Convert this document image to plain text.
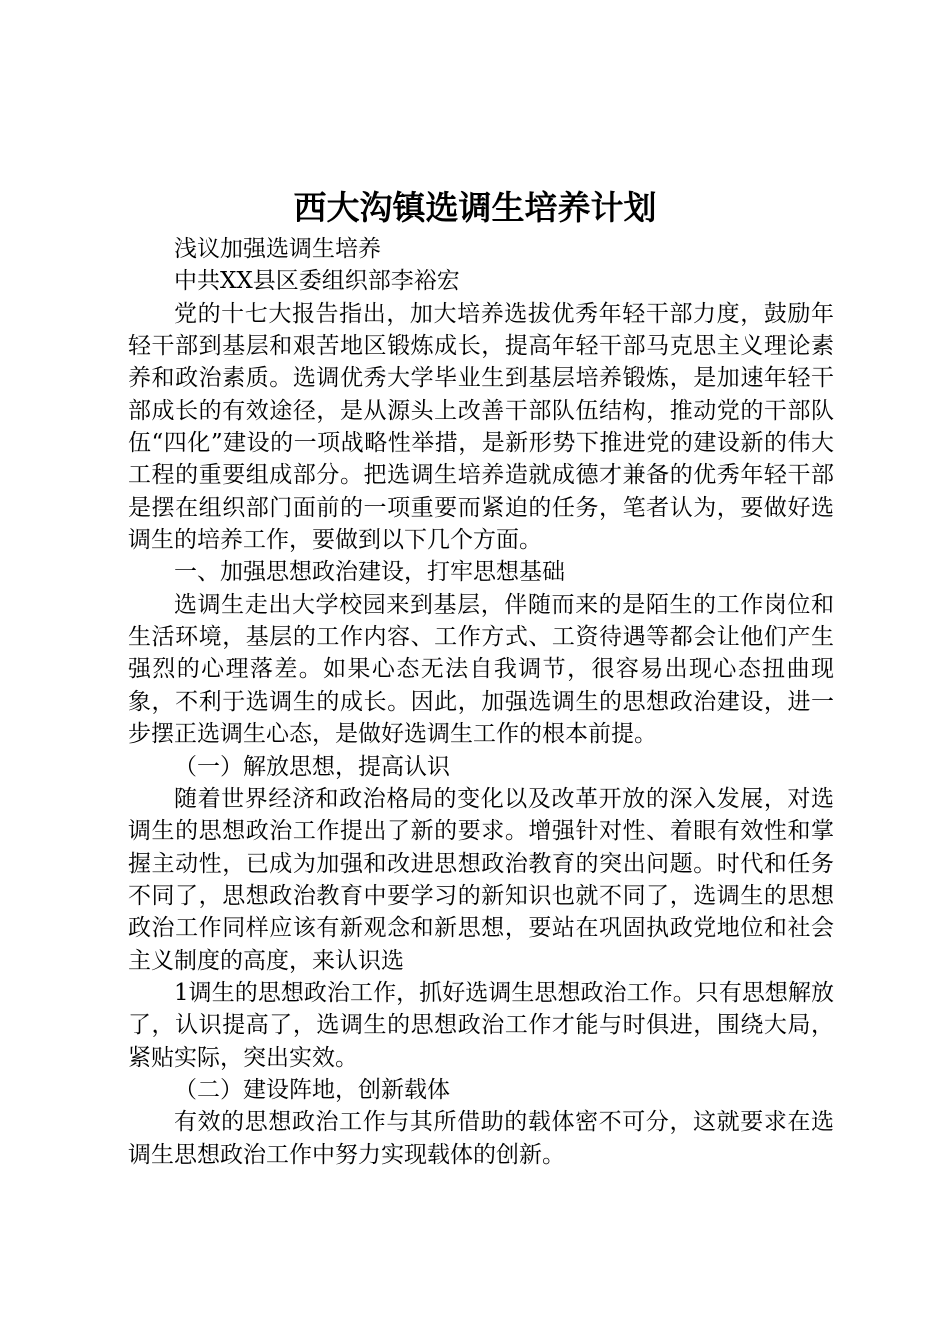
西大沟镇选调生培养计划

浅议加强选调生培养

中共XX县区委组织部李裕宏

党的十七大报告指出，加大培养选拔优秀年轻干部力度，鼓励年轻干部到基层和艰苦地区锻炼成长，提高年轻干部马克思主义理论素养和政治素质。选调优秀大学毕业生到基层培养锻炼，是加速年轻干部成长的有效途径，是从源头上改善干部队伍结构，推动党的干部队伍“四化”建设的一项战略性举措，是新形势下推进党的建设新的伟大工程的重要组成部分。把选调生培养造就成德才兼备的优秀年轻干部是摆在组织部门面前的一项重要而紧迫的任务，笔者认为，要做好选调生的培养工作，要做到以下几个方面。

一、加强思想政治建设，打牢思想基础

选调生走出大学校园来到基层，伴随而来的是陌生的工作岗位和生活环境，基层的工作内容、工作方式、工资待遇等都会让他们产生强烈的心理落差。如果心态无法自我调节，很容易出现心态扭曲现象，不利于选调生的成长。因此，加强选调生的思想政治建设，进一步摆正选调生心态，是做好选调生工作的根本前提。

（一）解放思想，提高认识

随着世界经济和政治格局的变化以及改革开放的深入发展，对选调生的思想政治工作提出了新的要求。增强针对性、着眼有效性和掌握主动性，已成为加强和改进思想政治教育的突出问题。时代和任务不同了，思想政治教育中要学习的新知识也就不同了，选调生的思想政治工作同样应该有新观念和新思想，要站在巩固执政党地位和社会主义制度的高度，来认识选

1调生的思想政治工作，抓好选调生思想政治工作。只有思想解放了，认识提高了，选调生的思想政治工作才能与时俱进，围绕大局，紧贴实际，突出实效。

（二）建设阵地，创新载体

有效的思想政治工作与其所借助的载体密不可分，这就要求在选调生思想政治工作中努力实现载体的创新。
